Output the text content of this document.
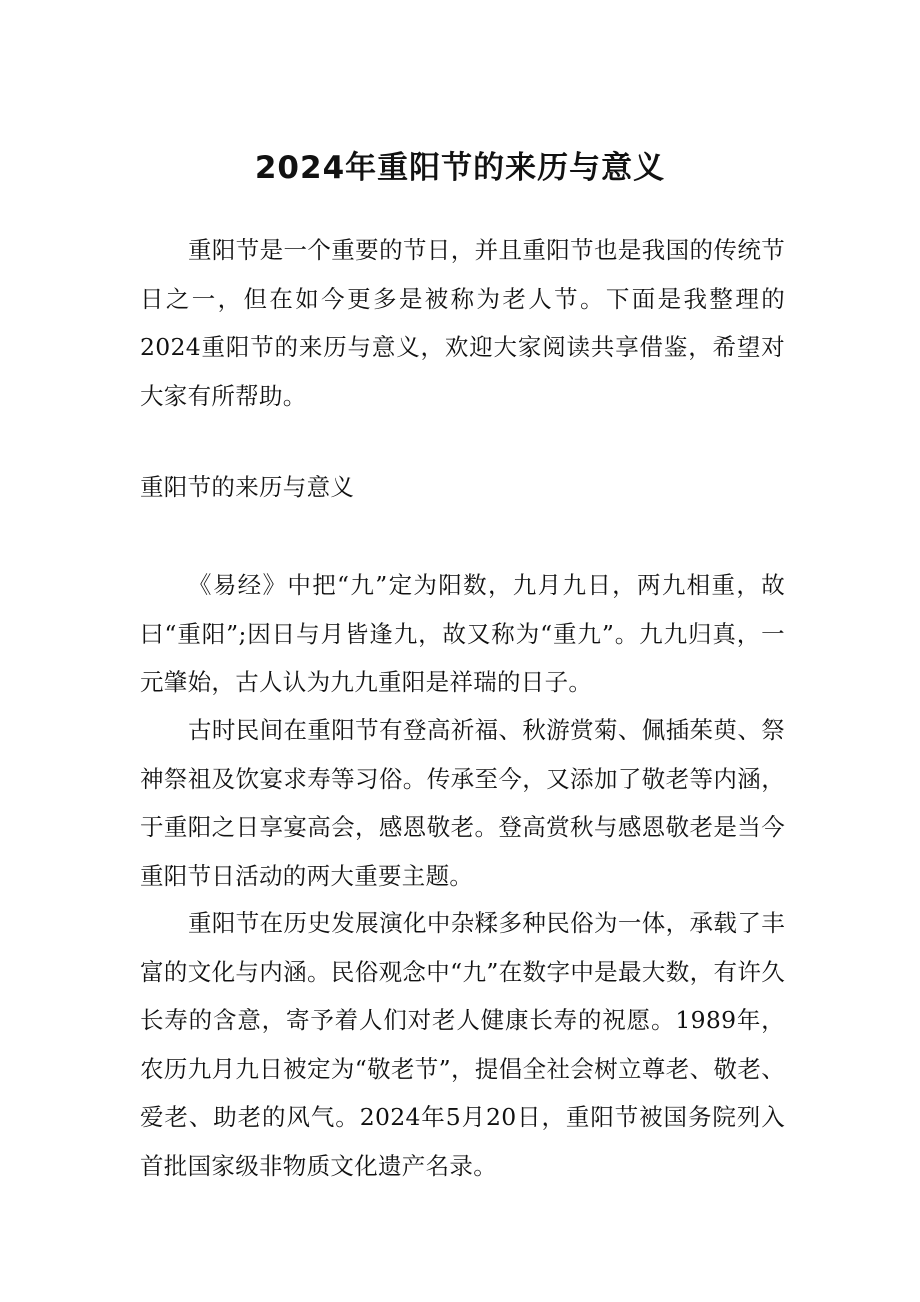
2024年重阳节的来历与意义

重阳节是一个重要的节日，并且重阳节也是我国的传统节日之一，但在如今更多是被称为老人节。下面是我整理的2024重阳节的来历与意义，欢迎大家阅读共享借鉴，希望对大家有所帮助。

重阳节的来历与意义

《易经》中把“九”定为阳数，九月九日，两九相重，故曰“重阳”;因日与月皆逢九，故又称为“重九”。九九归真，一元肇始，古人认为九九重阳是祥瑞的日子。

古时民间在重阳节有登高祈福、秋游赏菊、佩插茱萸、祭神祭祖及饮宴求寿等习俗。传承至今，又添加了敬老等内涵，于重阳之日享宴高会，感恩敬老。登高赏秋与感恩敬老是当今重阳节日活动的两大重要主题。

重阳节在历史发展演化中杂糅多种民俗为一体，承载了丰富的文化与内涵。民俗观念中“九”在数字中是最大数，有许久长寿的含意，寄予着人们对老人健康长寿的祝愿。1989年，农历九月九日被定为“敬老节”，提倡全社会树立尊老、敬老、爱老、助老的风气。2024年5月20日，重阳节被国务院列入首批国家级非物质文化遗产名录。
